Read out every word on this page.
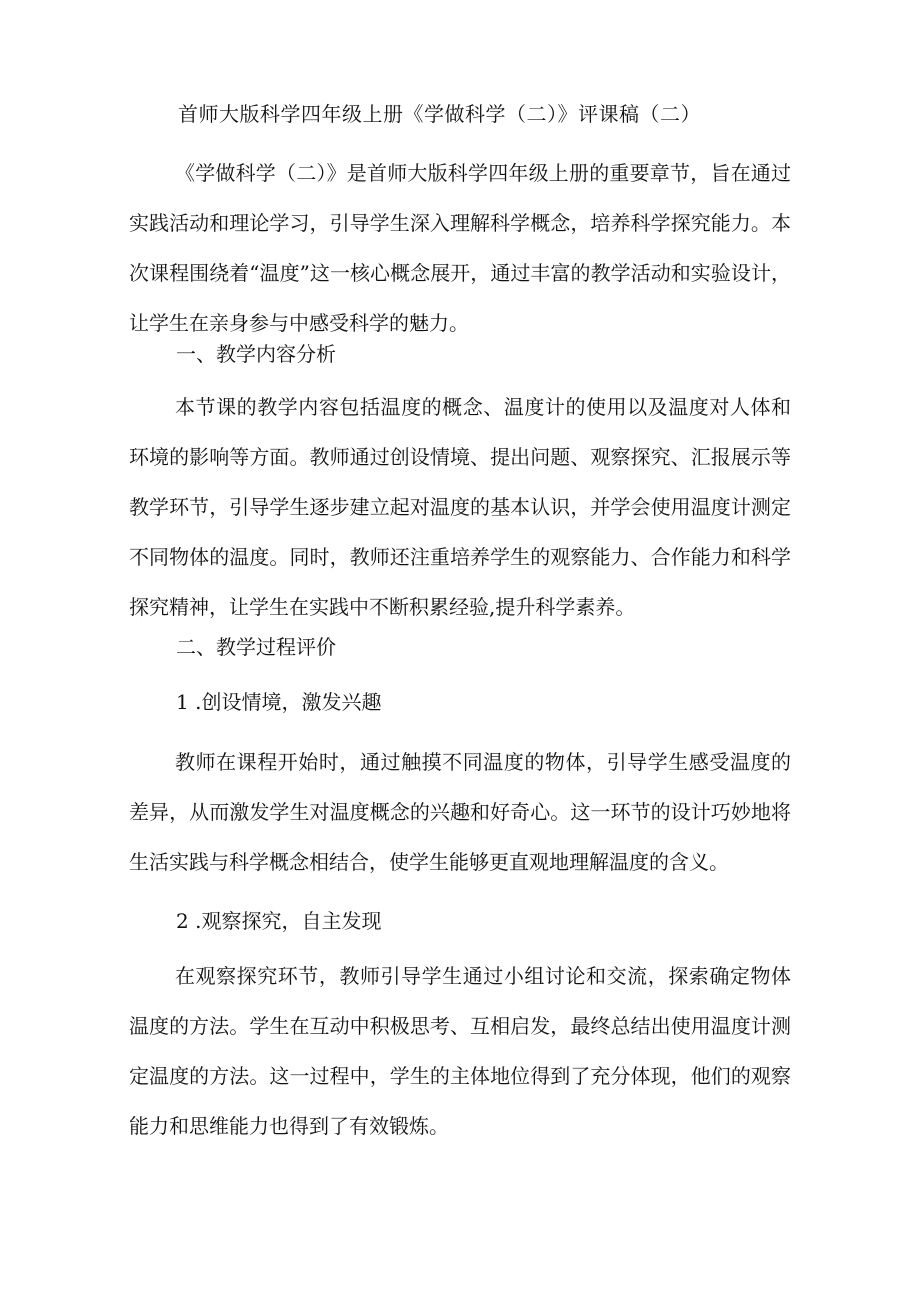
首师大版科学四年级上册《学做科学（二）》评课稿（二）

《学做科学（二）》是首师大版科学四年级上册的重要章节，旨在通过实践活动和理论学习，引导学生深入理解科学概念，培养科学探究能力。本次课程围绕着“温度”这一核心概念展开，通过丰富的教学活动和实验设计，让学生在亲身参与中感受科学的魅力。

一、教学内容分析

本节课的教学内容包括温度的概念、温度计的使用以及温度对人体和环境的影响等方面。教师通过创设情境、提出问题、观察探究、汇报展示等教学环节，引导学生逐步建立起对温度的基本认识，并学会使用温度计测定不同物体的温度。同时，教师还注重培养学生的观察能力、合作能力和科学探究精神，让学生在实践中不断积累经验,提升科学素养。

二、教学过程评价
1 .创设情境，激发兴趣

教师在课程开始时，通过触摸不同温度的物体，引导学生感受温度的差异，从而激发学生对温度概念的兴趣和好奇心。这一环节的设计巧妙地将生活实践与科学概念相结合，使学生能够更直观地理解温度的含义。

2 .观察探究，自主发现

在观察探究环节，教师引导学生通过小组讨论和交流，探索确定物体温度的方法。学生在互动中积极思考、互相启发，最终总结出使用温度计测定温度的方法。这一过程中，学生的主体地位得到了充分体现，他们的观察能力和思维能力也得到了有效锻炼。
